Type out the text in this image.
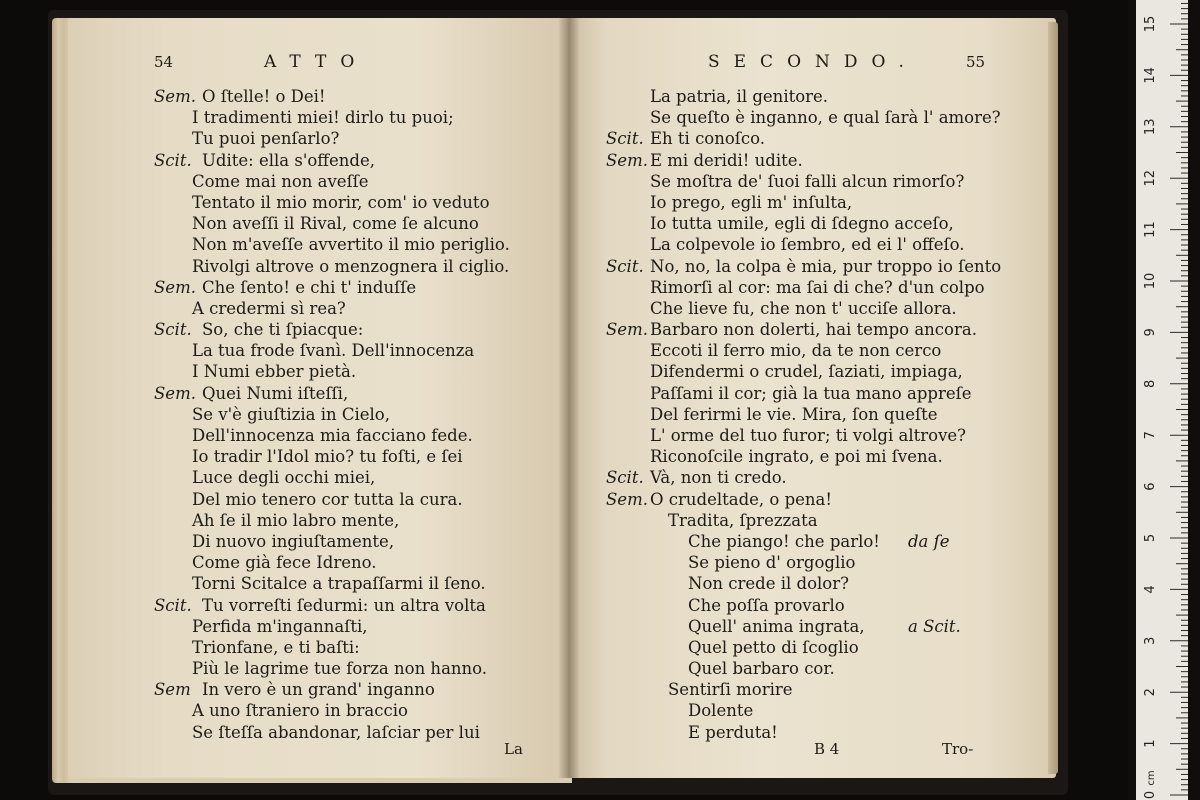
54	ATTO
Sem. O ſtelle! o Dei!
I tradimenti miei! dirlo tu puoi;
Tu puoi penſarlo?
Scit. Udite: ella s'offende,
Come mai non aveſſe
Tentato il mio morir, com' io veduto
Non aveſſi il Rival, come ſe alcuno
Non m'aveſſe avvertito il mio periglio.
Rivolgi altrove o menzognera il ciglio.
Sem. Che ſento! e chi t' induſſe
A credermi sì rea?
Scit. So, che ti ſpiacque:
La tua frode ſvanì. Dell'innocenza
I Numi ebber pietà.
Sem. Quei Numi iſteſſi,
Se v'è giuſtizia in Cielo,
Dell'innocenza mia facciano fede.
Io tradir l'Idol mio? tu foſti, e ſei
Luce degli occhi miei,
Del mio tenero cor tutta la cura.
Ah ſe il mio labro mente,
Di nuovo ingiuſtamente,
Come già fece Idreno.
Torni Scitalce a trapaſſarmi il ſeno.
Scit. Tu vorreſti ſedurmi: un altra volta
Perfida m'ingannaſti,
Trionfane, e ti baſti:
Più le lagrime tue forza non hanno.
Sem In vero è un grand' inganno
A uno ſtraniero in braccio
Se ſteſſa abandonar, laſciar per lui
La
SECONDO.	55
La patria, il genitore.
Se queſto è inganno, e qual ſarà l' amore?
Scit. Eh ti conoſco.
Sem. E mi deridi! udite.
Se moſtra de' ſuoi falli alcun rimorſo?
Io prego, egli m' inſulta,
Io tutta umile, egli di ſdegno acceſo,
La colpevole io ſembro, ed ei l' offeſo.
Scit. No, no, la colpa è mia, pur troppo io ſento
Rimorſi al cor: ma ſai di che? d'un colpo
Che lieve fu, che non t' ucciſe allora.
Sem. Barbaro non dolerti, hai tempo ancora.
Eccoti il ferro mio, da te non cerco
Difendermi o crudel, ſaziati, impiaga,
Paſſami il cor; già la tua mano appreſe
Del ferirmi le vie. Mira, ſon queſte
L' orme del tuo furor; ti volgi altrove?
Riconoſcile ingrato, e poi mi ſvena.
Scit. Và, non ti credo.
Sem. O crudeltade, o pena!
Tradita, ſprezzata
Che piango! che parlo! da ſe
Se pieno d' orgoglio
Non crede il dolor?
Che poſſa provarlo
Quell' anima ingrata,	a Scit.
Quel petto di ſcoglio
Quel barbaro cor.
Sentirſi morire
Dolente
E perduta!
B 4	Tro-
0
1
2
3
4
5
6
7
8
9
10
11
12
13
14
15
cm
